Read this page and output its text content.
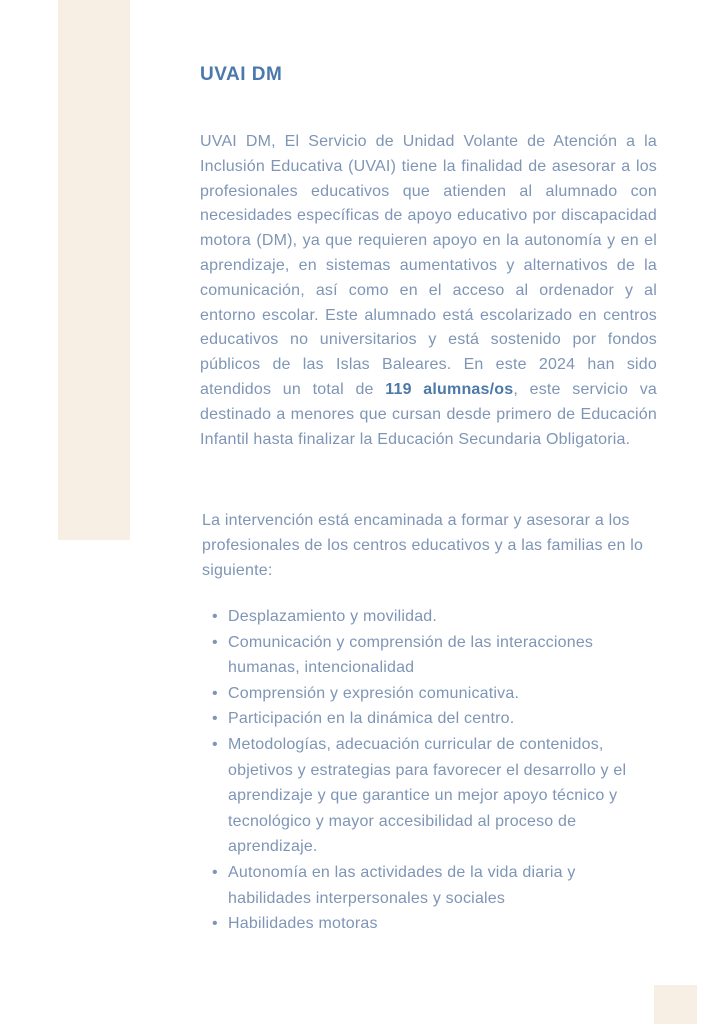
UVAI DM

UVAI DM, El Servicio de Unidad Volante de Atención a la Inclusión Educativa (UVAI) tiene la finalidad de asesorar a los profesionales educativos que atienden al alumnado con necesidades específicas de apoyo educativo por discapacidad motora (DM), ya que requieren apoyo en la autonomía y en el aprendizaje, en sistemas aumentativos y alternativos de la comunicación, así como en el acceso al ordenador y al entorno escolar. Este alumnado está escolarizado en centros educativos no universitarios y está sostenido por fondos públicos de las Islas Baleares. En este 2024 han sido atendidos un total de 119 alumnas/os, este servicio va destinado a menores que cursan desde primero de Educación Infantil hasta finalizar la Educación Secundaria Obligatoria.

La intervención está encaminada a formar y asesorar a los profesionales de los centros educativos y a las familias en lo siguiente:

• Desplazamiento y movilidad.
• Comunicación y comprensión de las interacciones humanas, intencionalidad
• Comprensión y expresión comunicativa.
• Participación en la dinámica del centro.
• Metodologías, adecuación curricular de contenidos, objetivos y estrategias para favorecer el desarrollo y el aprendizaje y que garantice un mejor apoyo técnico y tecnológico y mayor accesibilidad al proceso de aprendizaje.
• Autonomía en las actividades de la vida diaria y habilidades interpersonales y sociales
• Habilidades motoras
